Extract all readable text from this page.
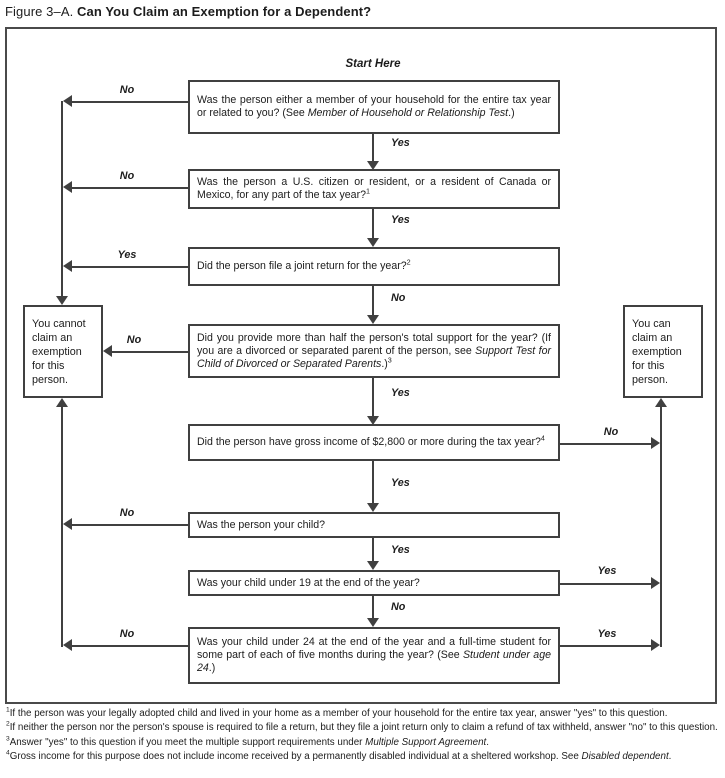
Figure 3–A. Can You Claim an Exemption for a Dependent?
Start Here
Was the person either a member of your household for the entire tax year or related to you? (See Member of Household or Relationship Test.)
Was the person a U.S. citizen or resident, or a resident of Canada or Mexico, for any part of the tax year?$^1$
Did the person file a joint return for the year?$^2$
Did you provide more than half the person's total support for the year? (If you are a divorced or separated parent of the person, see Support Test for Child of Divorced or Separated Parents.)$^3$
Did the person have gross income of $2,800 or more during the tax year?$^4$
Was the person your child?
Was your child under 19 at the end of the year?
Was your child under 24 at the end of the year and a full-time student for some part of each of five months during the year? (See Student under age 24.)
You cannot claim an exemption for this person.
You can claim an exemption for this person.
Yes
Yes
No
Yes
Yes
Yes
No
No
No
Yes
No
No
No
No
Yes
Yes
$^1$If the person was your legally adopted child and lived in your home as a member of your household for the entire tax year, answer "yes" to this question.
$^2$If neither the person nor the person's spouse is required to file a return, but they file a joint return only to claim a refund of tax withheld, answer "no" to this question.
$^3$Answer "yes" to this question if you meet the multiple support requirements under Multiple Support Agreement.
$^4$Gross income for this purpose does not include income received by a permanently disabled individual at a sheltered workshop. See Disabled dependent.
